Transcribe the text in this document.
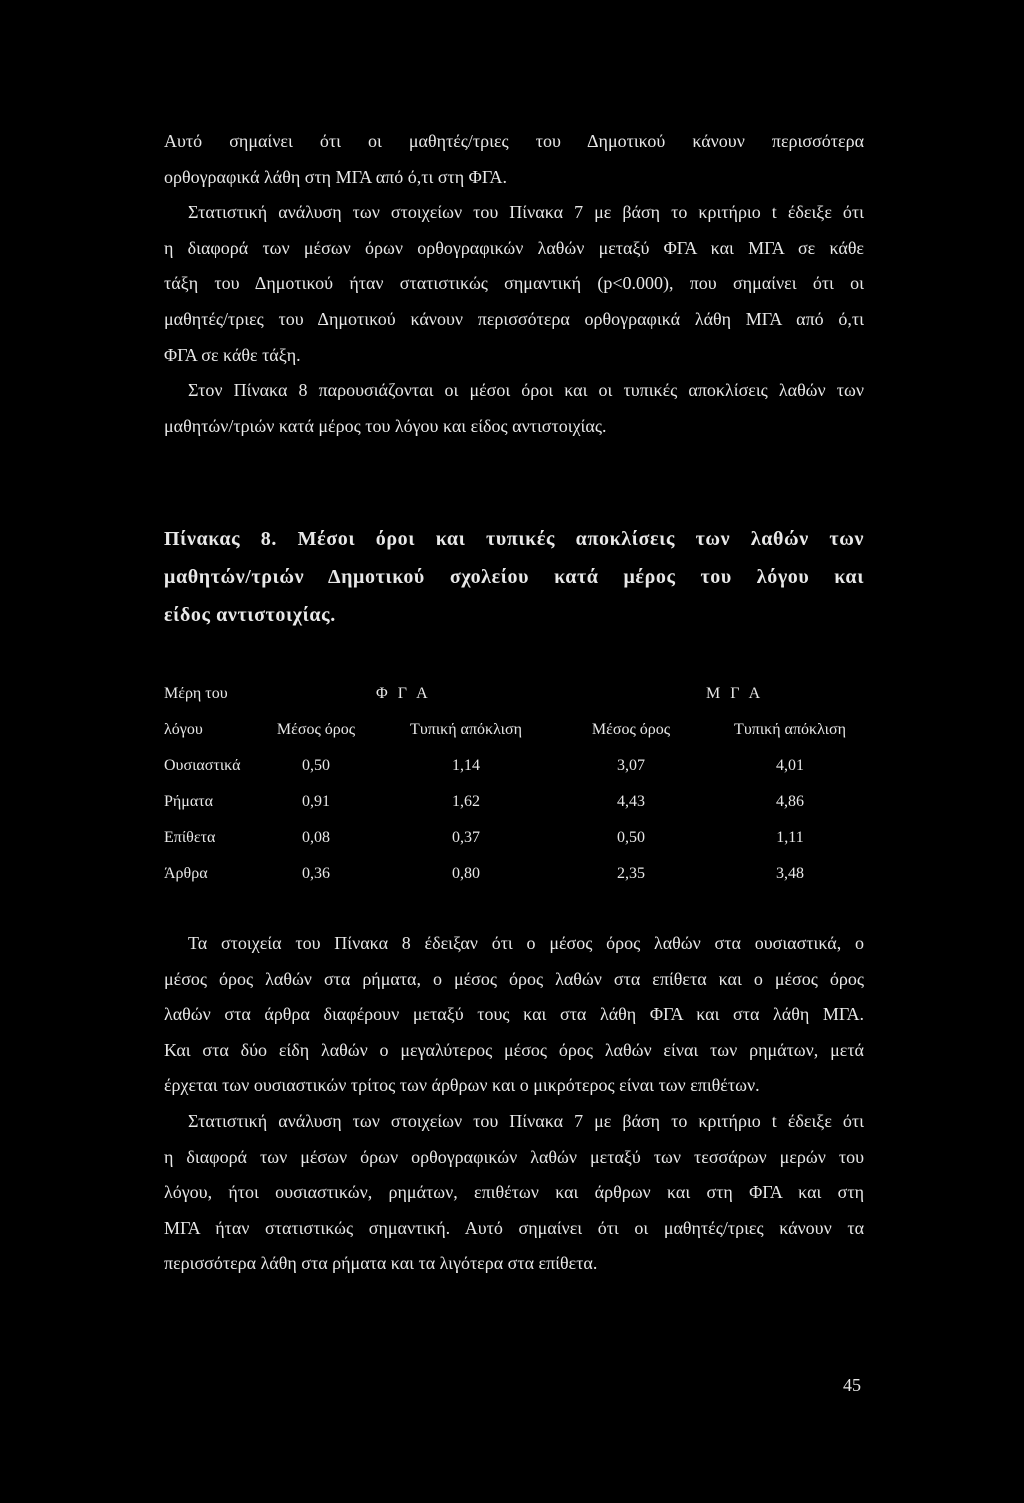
Αυτό σημαίνει ότι οι μαθητές/τριες του Δημοτικού κάνουν περισσότερα
ορθογραφικά λάθη στη ΜΓΑ από ό,τι στη ΦΓΑ.
Στατιστική ανάλυση των στοιχείων του Πίνακα 7 με βάση το κριτήριο t έδειξε ότι
η διαφορά των μέσων όρων ορθογραφικών λαθών μεταξύ ΦΓΑ και ΜΓΑ σε κάθε
τάξη του Δημοτικού ήταν στατιστικώς σημαντική (p<0.000), που σημαίνει ότι οι
μαθητές/τριες του Δημοτικού κάνουν περισσότερα ορθογραφικά λάθη ΜΓΑ από ό,τι
ΦΓΑ σε κάθε τάξη.
Στον Πίνακα 8 παρουσιάζονται οι μέσοι όροι και οι τυπικές αποκλίσεις λαθών των
μαθητών/τριών κατά μέρος του λόγου και είδος αντιστοιχίας.

Πίνακας 8. Μέσοι όροι και τυπικές αποκλίσεις των λαθών των
μαθητών/τριών Δημοτικού σχολείου κατά μέρος του λόγου και
είδος αντιστοιχίας.
Μέρη του		Φ Γ Α		Μ Γ Α
λόγου	Μέσος όρος	Τυπική απόκλιση	Μέσος όρος	Τυπική απόκλιση
Ουσιαστικά	0,50	1,14	3,07	4,01
Ρήματα	0,91	1,62	4,43	4,86
Επίθετα	0,08	0,37	0,50	1,11
Άρθρα	0,36	0,80	2,35	3,48

Τα στοιχεία του Πίνακα 8 έδειξαν ότι ο μέσος όρος λαθών στα ουσιαστικά, ο
μέσος όρος λαθών στα ρήματα, ο μέσος όρος λαθών στα επίθετα και ο μέσος όρος
λαθών στα άρθρα διαφέρουν μεταξύ τους και στα λάθη ΦΓΑ και στα λάθη ΜΓΑ.
Και στα δύο είδη λαθών ο μεγαλύτερος μέσος όρος λαθών είναι των ρημάτων, μετά
έρχεται των ουσιαστικών τρίτος των άρθρων και ο μικρότερος είναι των επιθέτων.
Στατιστική ανάλυση των στοιχείων του Πίνακα 7 με βάση το κριτήριο t έδειξε ότι
η διαφορά των μέσων όρων ορθογραφικών λαθών μεταξύ των τεσσάρων μερών του
λόγου, ήτοι ουσιαστικών, ρημάτων, επιθέτων και άρθρων και στη ΦΓΑ και στη
ΜΓΑ ήταν στατιστικώς σημαντική. Αυτό σημαίνει ότι οι μαθητές/τριες κάνουν τα
περισσότερα λάθη στα ρήματα και τα λιγότερα στα επίθετα.

45
